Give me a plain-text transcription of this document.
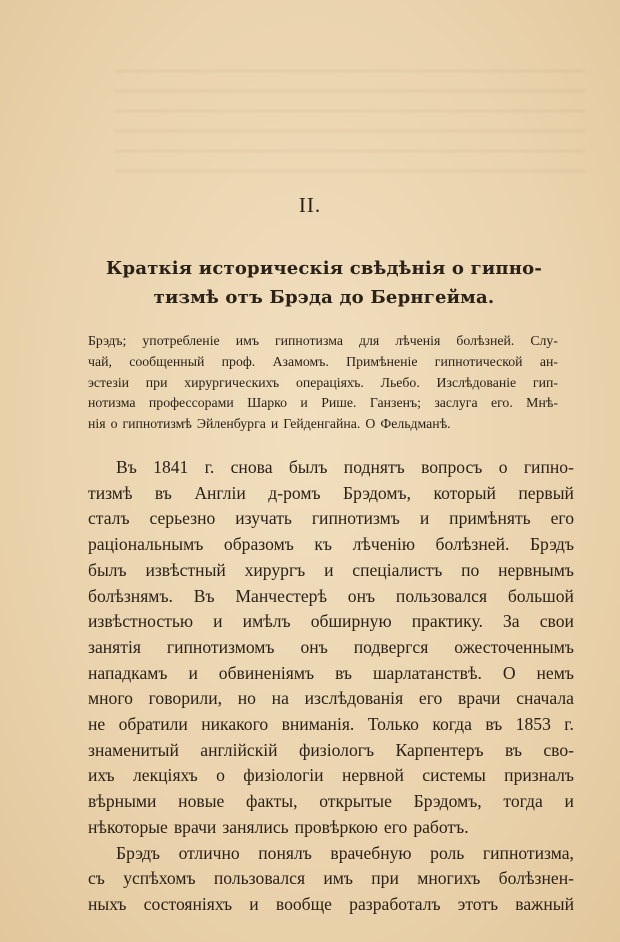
II.
Краткія историческія свѣдѣнія о гипно-
тизмѣ отъ Брэда до Бернгейма.
Брэдъ; употребленіе имъ гипнотизма для лѣченія болѣзней. Слу-
чай, сообщенный проф. Азамомъ. Примѣненіе гипнотической ан-
эстезіи при хирургическихъ операціяхъ. Льебо. Изслѣдованіе гип-
нотизма профессорами Шарко и Рише. Ганзенъ; заслуга его. Мнѣ-
нія о гипнотизмѣ Эйленбурга и Гейденгайна. О Фельдманѣ.
Въ 1841 г. снова былъ поднятъ вопросъ о гипно-
тизмѣ въ Англіи д-ромъ Брэдомъ, который первый
сталъ серьезно изучать гипнотизмъ и примѣнять его
раціональнымъ образомъ къ лѣченію болѣзней. Брэдъ
былъ извѣстный хирургъ и спеціалистъ по нервнымъ
болѣзнямъ. Въ Манчестерѣ онъ пользовался большой
извѣстностью и имѣлъ обширную практику. За свои
занятія гипнотизмомъ онъ подвергся ожесточеннымъ
нападкамъ и обвиненіямъ въ шарлатанствѣ. О немъ
много говорили, но на изслѣдованія его врачи сначала
не обратили никакого вниманія. Только когда въ 1853 г.
знаменитый англійскій физіологъ Карпентеръ въ сво-
ихъ лекціяхъ о физіологіи нервной системы призналъ
вѣрными новые факты, открытые Брэдомъ, тогда и
нѣкоторые врачи занялись провѣркою его работъ.
Брэдъ отлично понялъ врачебную роль гипнотизма,
съ успѣхомъ пользовался имъ при многихъ болѣзнен-
ныхъ состояніяхъ и вообще разработалъ этотъ важный
